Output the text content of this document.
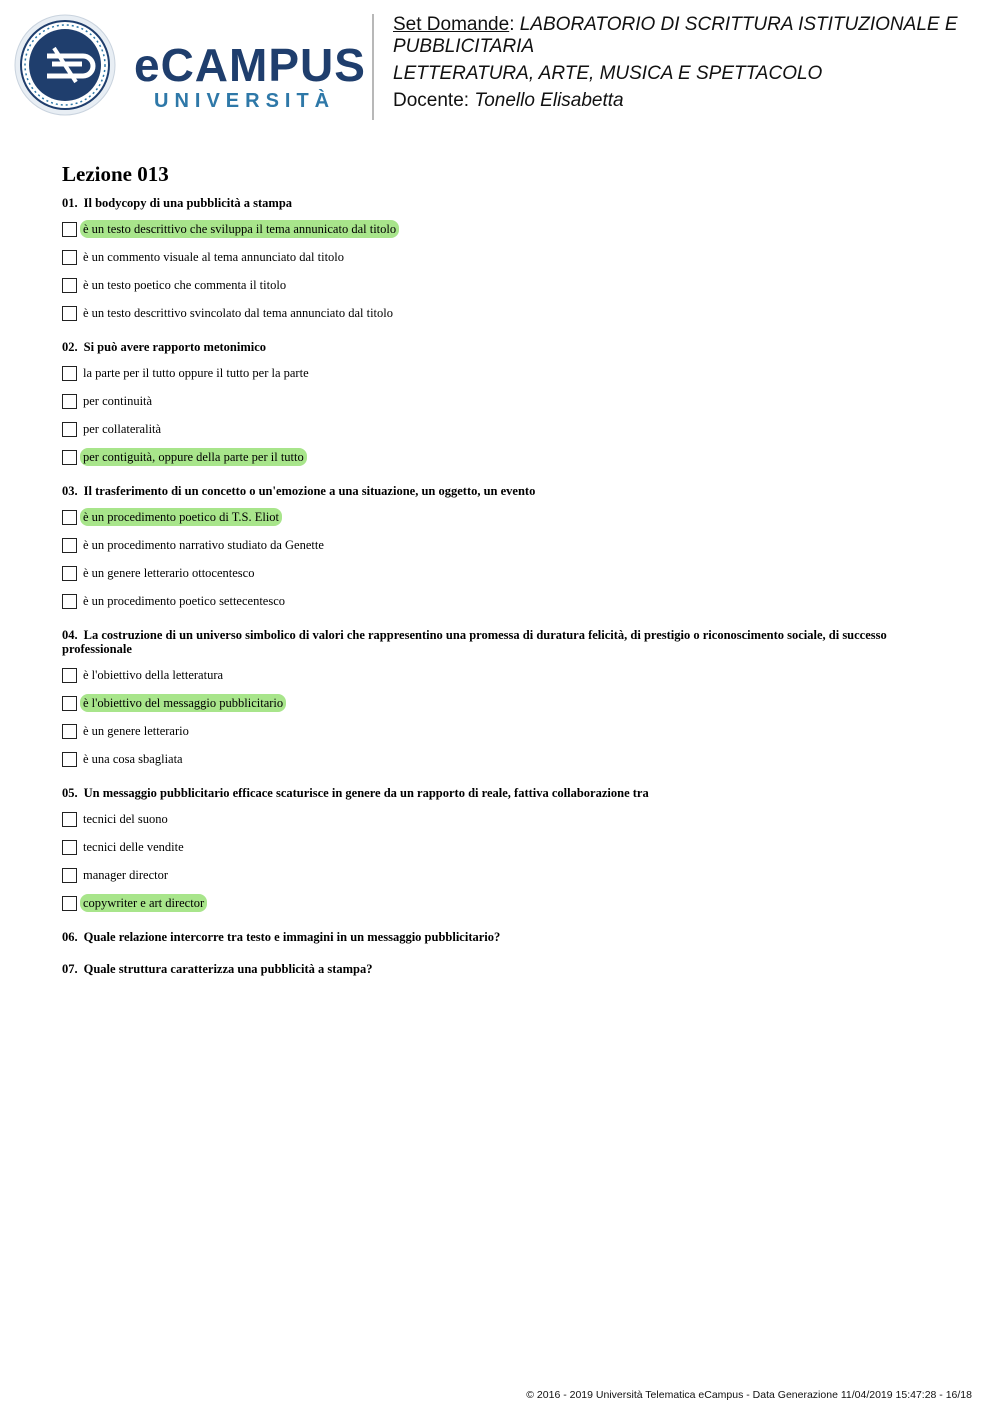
eCAMPUS
UNIVERSITÀ
Set Domande: LABORATORIO DI SCRITTURA ISTITUZIONALE E PUBBLICITARIA
LETTERATURA, ARTE, MUSICA E SPETTACOLO
Docente: Tonello Elisabetta
Lezione 013
01. Il bodycopy di una pubblicità a stampa
è un testo descrittivo che sviluppa il tema annunicato dal titolo
è un commento visuale al tema annunciato dal titolo
è un testo poetico che commenta il titolo
è un testo descrittivo svincolato dal tema annunciato dal titolo
02. Si può avere rapporto metonimico
la parte per il tutto oppure il tutto per la parte
per continuità
per collateralità
per contiguità, oppure della parte per il tutto
03. Il trasferimento di un concetto o un'emozione a una situazione, un oggetto, un evento
è un procedimento poetico di T.S. Eliot
è un procedimento narrativo studiato da Genette
è un genere letterario ottocentesco
è un procedimento poetico settecentesco
04. La costruzione di un universo simbolico di valori che rappresentino una promessa di duratura felicità, di prestigio o riconoscimento sociale, di successo professionale
è l'obiettivo della letteratura
è l'obiettivo del messaggio pubblicitario
è un genere letterario
è una cosa sbagliata
05. Un messaggio pubblicitario efficace scaturisce in genere da un rapporto di reale, fattiva collaborazione tra
tecnici del suono
tecnici delle vendite
manager director
copywriter e art director
06. Quale relazione intercorre tra testo e immagini in un messaggio pubblicitario?
07. Quale struttura caratterizza una pubblicità a stampa?
© 2016 - 2019 Università Telematica eCampus - Data Generazione 11/04/2019 15:47:28 - 16/18
